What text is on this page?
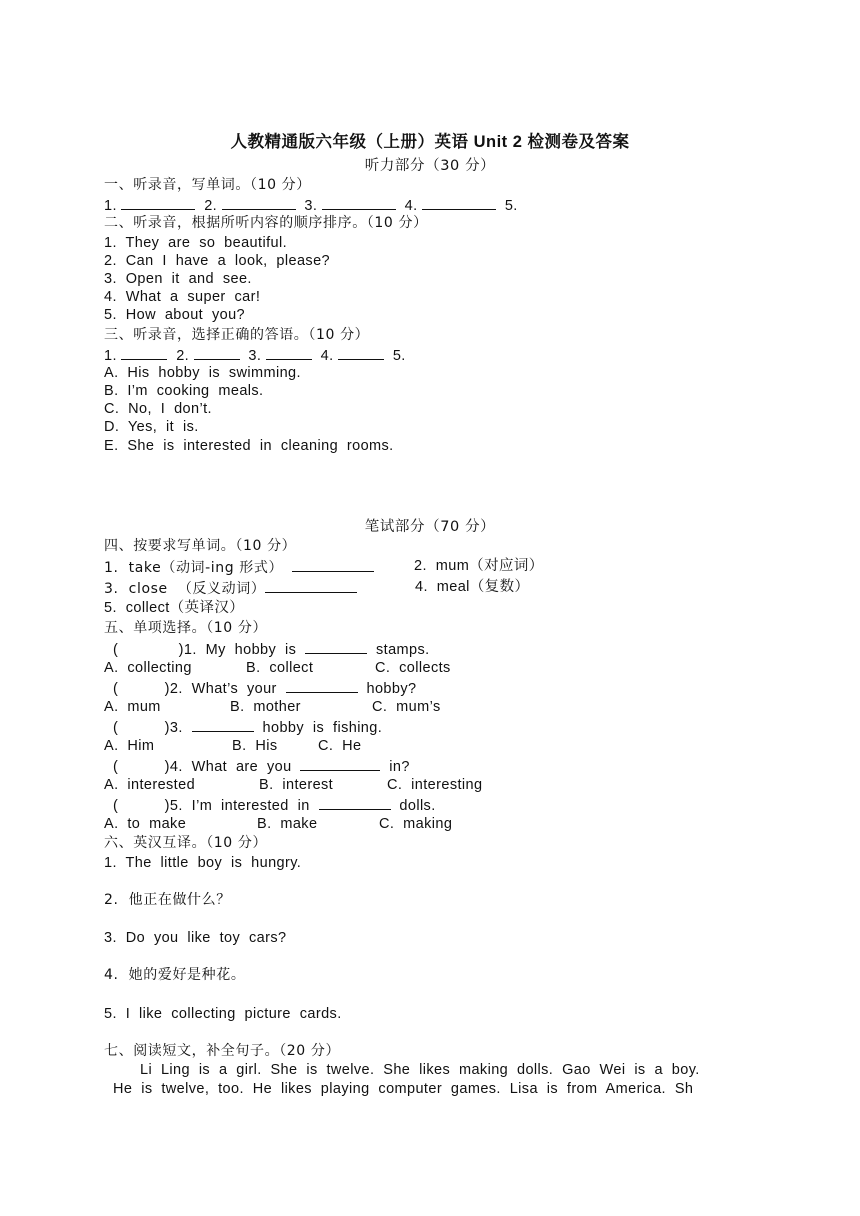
人教精通版六年级（上册）英语 Unit 2 检测卷及答案
听力部分（30 分）
一、听录音，写单词。（10 分）
1.	2.	3.	4.	5.
二、听录音，根据所听内容的顺序排序。（10 分）
1.  They  are  so  beautiful.
2.  Can  I  have  a  look,  please?
3.  Open  it  and  see.
4.  What  a  super  car!
5.  How  about  you?
三、听录音，选择正确的答语。（10 分）
1.	2.	3.	4.	5.
A.  His  hobby  is  swimming.
B.  I’m  cooking  meals.
C.  No,  I  don’t.
D.  Yes,  it  is.
E.  She  is  interested  in  cleaning  rooms.
笔试部分（70 分）
四、按要求写单词。（10 分）
1.  take（动词-ing 形式）	2.  mum（对应词）
3.  close  （反义动词）	4.  meal（复数）
5.  collect（英译汉）
五、单项选择。（10 分）
(	)1.  My  hobby  is	stamps.
A.  collecting	B.  collect	C.  collects
(	)2.  What’s  your	hobby?
A.  mum	B.  mother	C.  mum’s
(	)3.	hobby  is  fishing.
A.  Him	B.  His	C.  He
(	)4.  What  are  you	in?
A.  interested	B.  interest	C.  interesting
(	)5.  I’m  interested  in	dolls.
A.  to  make	B.  make	C.  making
六、英汉互译。（10 分）
1.  The  little  boy  is  hungry.
2.  他正在做什么？
3.  Do  you  like  toy  cars?
4.  她的爱好是种花。
5.  I  like  collecting  picture  cards.
七、阅读短文，补全句子。（20 分）
Li  Ling  is  a  girl.  She  is  twelve.  She  likes  making  dolls.  Gao  Wei  is  a  boy.
He  is  twelve,  too.  He  likes  playing  computer  games.  Lisa  is  from  America.  Sh
